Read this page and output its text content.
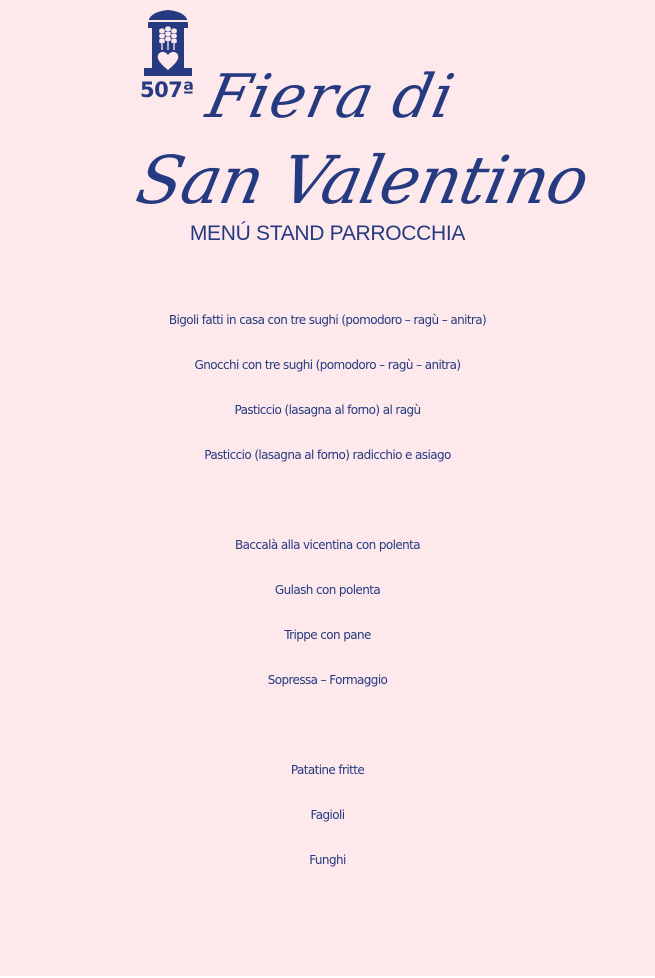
507ª Fiera di
San Valentino
MENÚ STAND PARROCCHIA
Bigoli fatti in casa con tre sughi (pomodoro – ragù – anitra)
Gnocchi con tre sughi (pomodoro – ragù – anitra)
Pasticcio (lasagna al forno) al ragù
Pasticcio (lasagna al forno) radicchio e asiago
Baccalà alla vicentina con polenta
Gulash con polenta
Trippe con pane
Sopressa – Formaggio
Patatine fritte
Fagioli
Funghi
